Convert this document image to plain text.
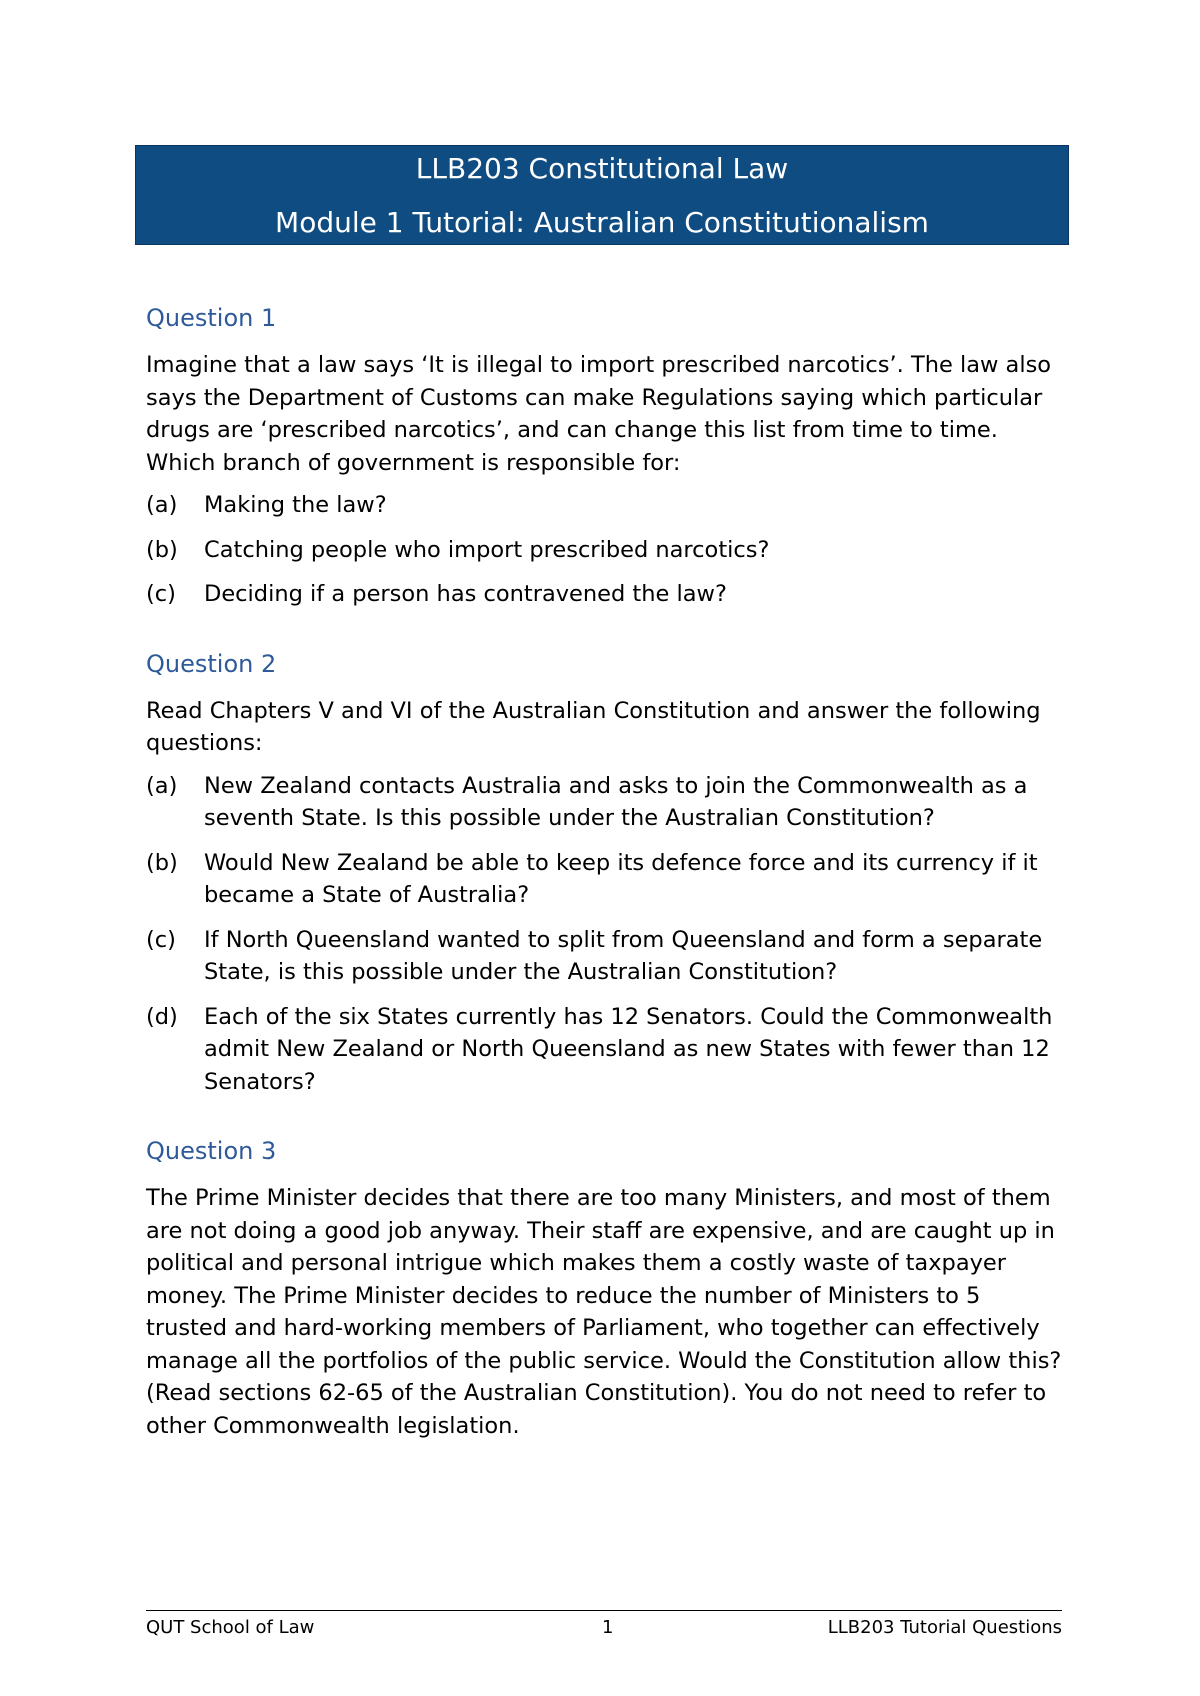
LLB203 Constitutional Law

Module 1 Tutorial: Australian Constitutionalism

Question 1

Imagine that a law says ‘It is illegal to import prescribed narcotics’. The law also says the Department of Customs can make Regulations saying which particular drugs are ‘prescribed narcotics’, and can change this list from time to time. Which branch of government is responsible for:

(a)	Making the law?
(b)	Catching people who import prescribed narcotics?
(c)	Deciding if a person has contravened the law?
Question 2

Read Chapters V and VI of the Australian Constitution and answer the following questions:

(a)	New Zealand contacts Australia and asks to join the Commonwealth as a seventh State. Is this possible under the Australian Constitution?
(b)	Would New Zealand be able to keep its defence force and its currency if it became a State of Australia?
(c)	If North Queensland wanted to split from Queensland and form a separate State, is this possible under the Australian Constitution?
(d)	Each of the six States currently has 12 Senators. Could the Commonwealth admit New Zealand or North Queensland as new States with fewer than 12 Senators?
Question 3

The Prime Minister decides that there are too many Ministers, and most of them are not doing a good job anyway. Their staff are expensive, and are caught up in political and personal intrigue which makes them a costly waste of taxpayer money. The Prime Minister decides to reduce the number of Ministers to 5 trusted and hard-working members of Parliament, who together can effectively manage all the portfolios of the public service. Would the Constitution allow this? (Read sections 62-65 of the Australian Constitution). You do not need to refer to other Commonwealth legislation.

QUT School of Law	1	LLB203 Tutorial Questions
